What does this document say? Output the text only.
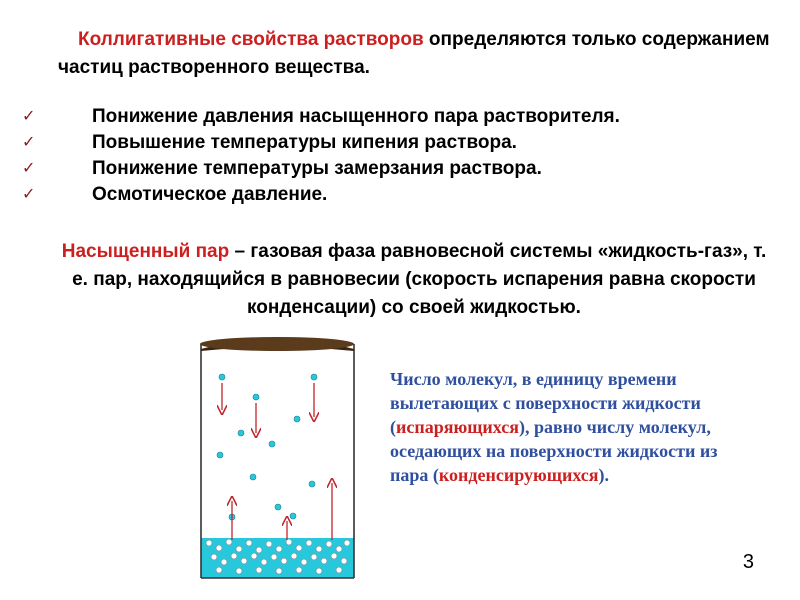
Коллигативные свойства растворов определяются только содержанием частиц растворенного вещества.
✓	Понижение давления насыщенного пара растворителя.
✓	Повышение температуры кипения раствора.
✓	Понижение температуры замерзания раствора.
✓	Осмотическое давление.
Насыщенный пар – газовая фаза равновесной системы «жидкость-газ», т. е. пар, находящийся в равновесии (скорость испарения равна скорости конденсации) со своей жидкостью.
Число молекул, в единицу времени вылетающих с поверхности жидкости (испаряющихся), равно числу молекул, оседающих на поверхности жидкости из пара (конденсирующихся).
3
